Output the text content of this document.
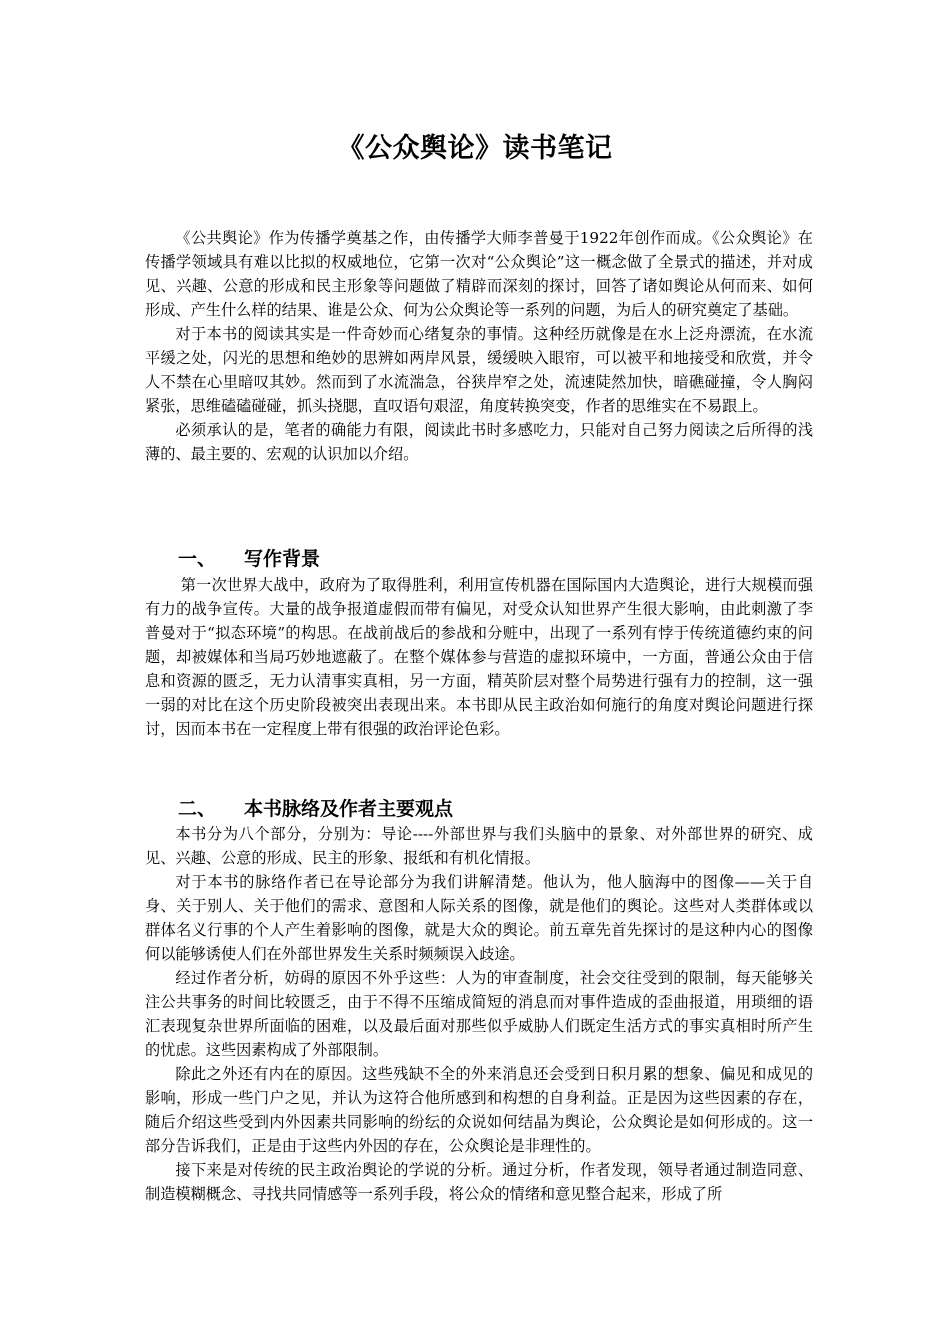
《公众舆论》读书笔记

《公共舆论》作为传播学奠基之作，由传播学大师李普曼于1922年创作而成。《公众舆论》在传播学领域具有难以比拟的权威地位，它第一次对“公众舆论”这一概念做了全景式的描述，并对成见、兴趣、公意的形成和民主形象等问题做了精辟而深刻的探讨，回答了诸如舆论从何而来、如何形成、产生什么样的结果、谁是公众、何为公众舆论等一系列的问题，为后人的研究奠定了基础。

对于本书的阅读其实是一件奇妙而心绪复杂的事情。这种经历就像是在水上泛舟漂流，在水流平缓之处，闪光的思想和绝妙的思辨如两岸风景，缓缓映入眼帘，可以被平和地接受和欣赏，并令人不禁在心里暗叹其妙。然而到了水流湍急，谷狭岸窄之处，流速陡然加快，暗礁碰撞，令人胸闷紧张，思维磕磕碰碰，抓头挠腮，直叹语句艰涩，角度转换突变，作者的思维实在不易跟上。

必须承认的是，笔者的确能力有限，阅读此书时多感吃力，只能对自己努力阅读之后所得的浅薄的、最主要的、宏观的认识加以介绍。

一、 写作背景

第一次世界大战中，政府为了取得胜利，利用宣传机器在国际国内大造舆论，进行大规模而强有力的战争宣传。大量的战争报道虚假而带有偏见，对受众认知世界产生很大影响，由此刺激了李普曼对于“拟态环境”的构思。在战前战后的参战和分赃中，出现了一系列有悖于传统道德约束的问题，却被媒体和当局巧妙地遮蔽了。在整个媒体参与营造的虚拟环境中，一方面，普通公众由于信息和资源的匮乏，无力认清事实真相，另一方面，精英阶层对整个局势进行强有力的控制，这一强一弱的对比在这个历史阶段被突出表现出来。本书即从民主政治如何施行的角度对舆论问题进行探讨，因而本书在一定程度上带有很强的政治评论色彩。

二、 本书脉络及作者主要观点

本书分为八个部分，分别为：导论----外部世界与我们头脑中的景象、对外部世界的研究、成见、兴趣、公意的形成、民主的形象、报纸和有机化情报。

对于本书的脉络作者已在导论部分为我们讲解清楚。他认为，他人脑海中的图像——关于自身、关于别人、关于他们的需求、意图和人际关系的图像，就是他们的舆论。这些对人类群体或以群体名义行事的个人产生着影响的图像，就是大众的舆论。前五章先首先探讨的是这种内心的图像何以能够诱使人们在外部世界发生关系时频频误入歧途。

经过作者分析，妨碍的原因不外乎这些：人为的审查制度，社会交往受到的限制，每天能够关注公共事务的时间比较匮乏，由于不得不压缩成简短的消息而对事件造成的歪曲报道，用琐细的语汇表现复杂世界所面临的困难，以及最后面对那些似乎威胁人们既定生活方式的事实真相时所产生的忧虑。这些因素构成了外部限制。

除此之外还有内在的原因。这些残缺不全的外来消息还会受到日积月累的想象、偏见和成见的影响，形成一些门户之见，并认为这符合他所感到和构想的自身利益。正是因为这些因素的存在，随后介绍这些受到内外因素共同影响的纷纭的众说如何结晶为舆论，公众舆论是如何形成的。这一部分告诉我们，正是由于这些内外因的存在，公众舆论是非理性的。

接下来是对传统的民主政治舆论的学说的分析。通过分析，作者发现，领导者通过制造同意、制造模糊概念、寻找共同情感等一系列手段，将公众的情绪和意见整合起来，形成了所
